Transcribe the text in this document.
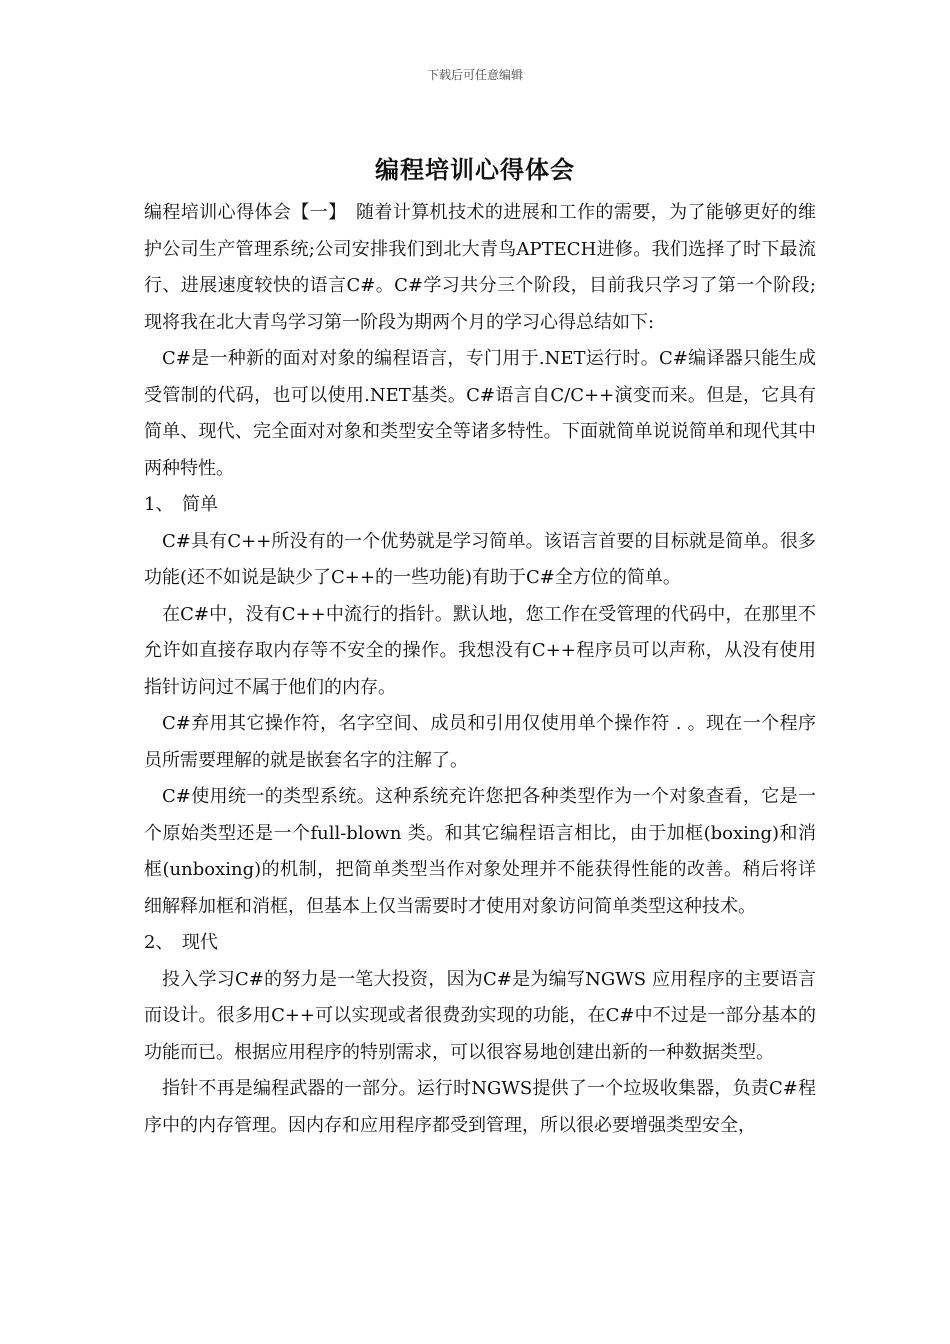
下载后可任意编辑
编程培训心得体会

编程培训心得体会【一】　随着计算机技术的进展和工作的需要，为了能够更好的维护公司生产管理系统;公司安排我们到北大青鸟APTECH进修。我们选择了时下最流行、进展速度较快的语言C#。C#学习共分三个阶段，目前我只学习了第一个阶段;现将我在北大青鸟学习第一阶段为期两个月的学习心得总结如下:

C#是一种新的面对对象的编程语言，专门用于.NET运行时。C#编译器只能生成受管制的代码，也可以使用.NET基类。C#语言自C/C++演变而来。但是，它具有简单、现代、完全面对对象和类型安全等诸多特性。下面就简单说说简单和现代其中两种特性。

1、 简单

C#具有C++所没有的一个优势就是学习简单。该语言首要的目标就是简单。很多功能(还不如说是缺少了C++的一些功能)有助于C#全方位的简单。

在C#中，没有C++中流行的指针。默认地，您工作在受管理的代码中，在那里不允许如直接存取内存等不安全的操作。我想没有C++程序员可以声称，从没有使用指针访问过不属于他们的内存。

C#弃用其它操作符，名字空间、成员和引用仅使用单个操作符 . 。现在一个程序员所需要理解的就是嵌套名字的注解了。

C#使用统一的类型系统。这种系统充许您把各种类型作为一个对象查看，它是一个原始类型还是一个full-blown 类。和其它编程语言相比，由于加框(boxing)和消框(unboxing)的机制，把简单类型当作对象处理并不能获得性能的改善。稍后将详细解释加框和消框，但基本上仅当需要时才使用对象访问简单类型这种技术。

2、 现代

投入学习C#的努力是一笔大投资，因为C#是为编写NGWS 应用程序的主要语言而设计。很多用C++可以实现或者很费劲实现的功能，在C#中不过是一部分基本的功能而已。根据应用程序的特别需求，可以很容易地创建出新的一种数据类型。

指针不再是编程武器的一部分。运行时NGWS提供了一个垃圾收集器，负责C#程序中的内存管理。因内存和应用程序都受到管理，所以很必要增强类型安全，
